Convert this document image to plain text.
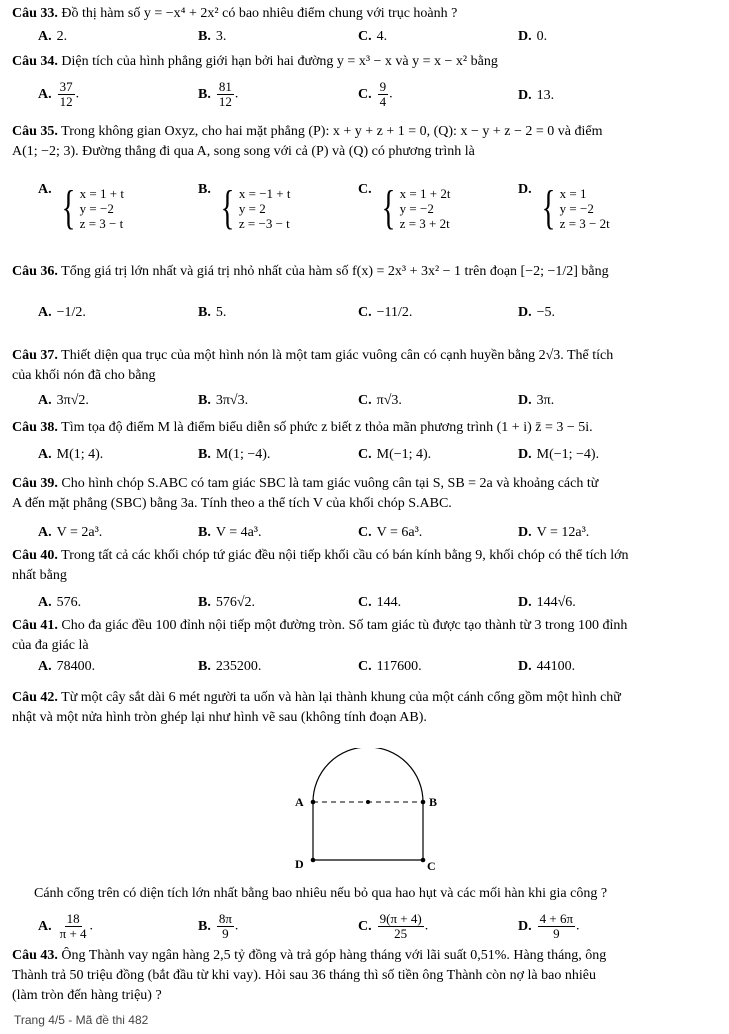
Câu 33. Đồ thị hàm số y = −x⁴ + 2x² có bao nhiêu điểm chung với trục hoành ?
A. 2.	B. 3.	C. 4.	D. 0.
Câu 34. Diện tích của hình phẳng giới hạn bởi hai đường y = x³ − x và y = x − x² bằng
A. $\frac{37}{12}$ .	B. $\frac{81}{12}$ .	C. $\frac{9}{4}$ .	D. 13.
Câu 35. Trong không gian Oxyz, cho hai mặt phẳng (P): x + y + z + 1 = 0, (Q): x − y + z − 2 = 0 và điểm
A(1; −2; 3). Đường thẳng đi qua A, song song với cả (P) và (Q) có phương trình là
A. { x = 1 + t
y = −2
z = 3 − t
B. { x = −1 + t
y = 2
z = −3 − t
C. { x = 1 + 2t
y = −2
z = 3 + 2t
D. { x = 1
y = −2
z = 3 − 2t
Câu 36. Tổng giá trị lớn nhất và giá trị nhỏ nhất của hàm số f(x) = 2x³ + 3x² − 1 trên đoạn [−2; −1/2] bằng
A. −1/2.	B. 5.	C. −11/2.	D. −5.
Câu 37. Thiết diện qua trục của một hình nón là một tam giác vuông cân có cạnh huyền bằng 2√3. Thể tích
của khối nón đã cho bằng
A. 3π√2.	B. 3π√3.	C. π√3.	D. 3π.
Câu 38. Tìm tọa độ điểm M là điểm biểu diễn số phức z biết z thỏa mãn phương trình (1 + i) z̄ = 3 − 5i.
A. M(1; 4).	B. M(1; −4).	C. M(−1; 4).	D. M(−1; −4).
Câu 39. Cho hình chóp S.ABC có tam giác SBC là tam giác vuông cân tại S, SB = 2a và khoảng cách từ
A đến mặt phẳng (SBC) bằng 3a. Tính theo a thể tích V của khối chóp S.ABC.
A. V = 2a³.	B. V = 4a³.	C. V = 6a³.	D. V = 12a³.
Câu 40. Trong tất cả các khối chóp tứ giác đều nội tiếp khối cầu có bán kính bằng 9, khối chóp có thể tích lớn
nhất bằng
A. 576.	B. 576√2.	C. 144.	D. 144√6.
Câu 41. Cho đa giác đều 100 đỉnh nội tiếp một đường tròn. Số tam giác tù được tạo thành từ 3 trong 100 đỉnh
của đa giác là
A. 78400.	B. 235200.	C. 117600.	D. 44100.
Câu 42. Từ một cây sắt dài 6 mét người ta uốn và hàn lại thành khung của một cánh cổng gồm một hình chữ
nhật và một nửa hình tròn ghép lại như hình vẽ sau (không tính đoạn AB).
A	B
D	C
Cánh cổng trên có diện tích lớn nhất bằng bao nhiêu nếu bỏ qua hao hụt và các mối hàn khi gia công ?
A. $\frac{18}{\pi + 4}$ .	B. $\frac{8\pi}{9}$ .	C. $\frac{9(\pi + 4)}{25}$ .	D. $\frac{4 + 6\pi}{9}$ .
Câu 43. Ông Thành vay ngân hàng 2,5 tỷ đồng và trả góp hàng tháng với lãi suất 0,51%. Hàng tháng, ông
Thành trả 50 triệu đồng (bắt đầu từ khi vay). Hỏi sau 36 tháng thì số tiền ông Thành còn nợ là bao nhiêu
(làm tròn đến hàng triệu) ?
Trang 4/5 - Mã đề thi 482
